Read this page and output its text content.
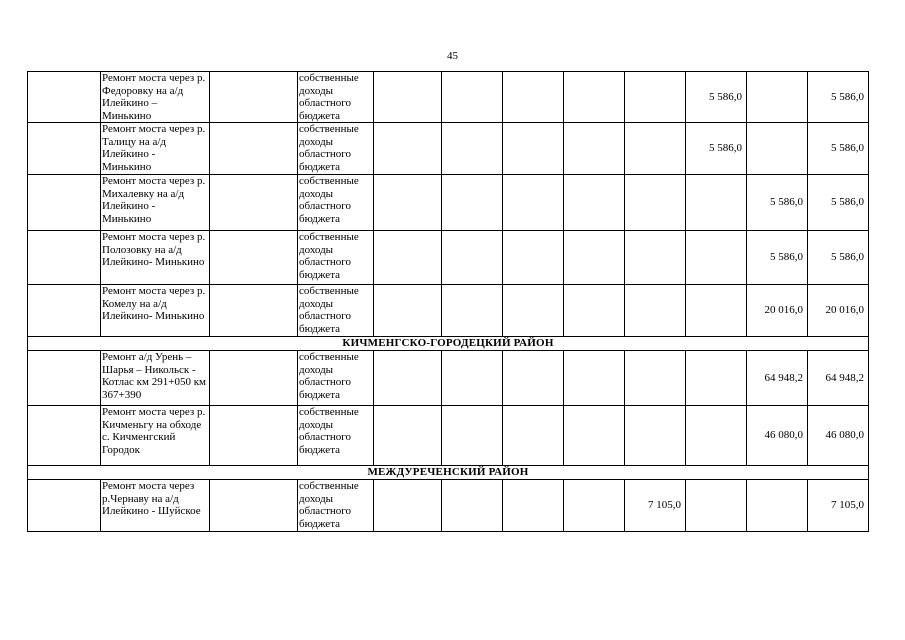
45
	Ремонт моста через р. Федоровку на а/д Илейкино – Минькино		собственные доходы областного бюджета						5 586,0		5 586,0
	Ремонт моста через р. Талицу на а/д Илейкино - Минькино		собственные доходы областного бюджета						5 586,0		5 586,0
	Ремонт моста через р. Михалевку на а/д Илейкино - Минькино		собственные доходы областного бюджета							5 586,0	5 586,0
	Ремонт моста через р. Полозовку на а/д Илейкино- Минькино		собственные доходы областного бюджета							5 586,0	5 586,0
	Ремонт моста через р. Комелу на а/д Илейкино- Минькино		собственные доходы областного бюджета							20 016,0	20 016,0
КИЧМЕНГСКО-ГОРОДЕЦКИЙ РАЙОН											
	Ремонт а/д Урень – Шарья – Никольск - Котлас км 291+050 км 367+390		собственные доходы областного бюджета							64 948,2	64 948,2
	Ремонт моста через р. Кичменьгу на обходе с. Кичменгский Городок		собственные доходы областного бюджета							46 080,0	46 080,0
МЕЖДУРЕЧЕНСКИЙ РАЙОН											
	Ремонт моста через р.Чернаву на а/д Илейкино - Шуйское		собственные доходы областного бюджета					7 105,0			7 105,0
